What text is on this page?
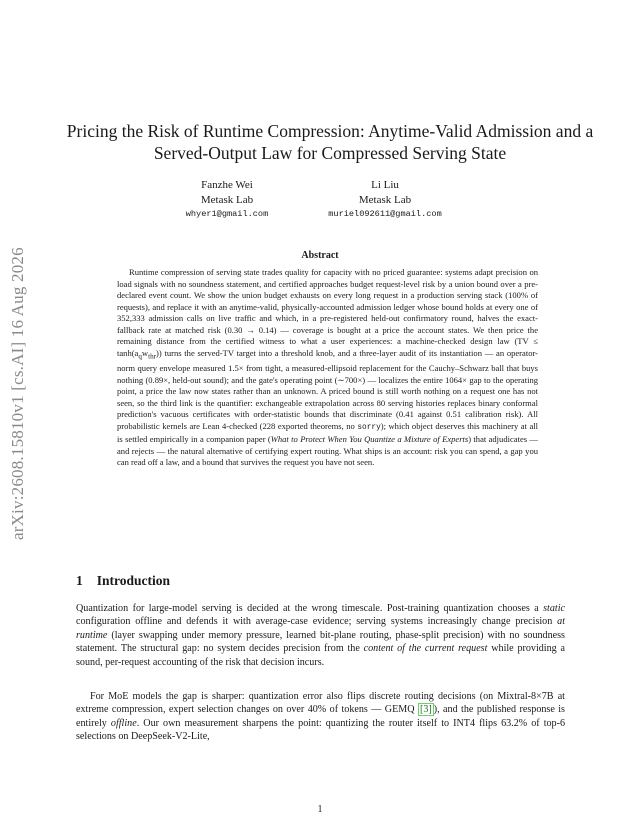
arXiv:2608.15810v1 [cs.AI] 16 Aug 2026
Pricing the Risk of Runtime Compression: Anytime-Valid Admission and a Served-Output Law for Compressed Serving State
Fanzhe Wei
Metask Lab
whyer1@gmail.com
Li Liu
Metask Lab
muriel092611@gmail.com
Abstract

Runtime compression of serving state trades quality for capacity with no priced guarantee: systems adapt precision on load signals with no soundness statement, and certified approaches budget request-level risk by a union bound over a pre-declared event count. We show the union budget exhausts on every long request in a production serving stack (100% of requests), and replace it with an anytime-valid, physically-accounted admission ledger whose bound holds at every one of 352,333 admission calls on live traffic and which, in a pre-registered held-out confirmatory round, halves the exact-fallback rate at matched risk (0.30 → 0.14) — coverage is bought at a price the account states. We then price the remaining distance from the certified witness to what a user experiences: a machine-checked design law $(TV \le \tanh(a_qw_{thr}))$ turns the served-TV target into a threshold knob, and a three-layer audit of its instantiation — an operator-norm query envelope measured 1.5× from tight, a measured-ellipsoid replacement for the Cauchy–Schwarz ball that buys nothing (0.89×, held-out sound); and the gate's operating point (∼700×) — localizes the entire 1064× gap to the operating point, a price the law now states rather than an unknown. A priced bound is still worth nothing on a request one has not seen, so the third link is the quantifier: exchangeable extrapolation across 80 serving histories replaces binary conformal prediction's vacuous certificates with order-statistic bounds that discriminate (0.41 against 0.51 calibration risk). All probabilistic kernels are Lean 4-checked (228 exported theorems, no sorry); which object deserves this machinery at all is settled empirically in a companion paper (What to Protect When You Quantize a Mixture of Experts) that adjudicates — and rejects — the natural alternative of certifying expert routing. What ships is an account: risk you can spend, a gap you can read off a law, and a bound that survives the request you have not seen.

1 Introduction

Quantization for large-model serving is decided at the wrong timescale. Post-training quantization chooses a static configuration offline and defends it with average-case evidence; serving systems increasingly change precision at runtime (layer swapping under memory pressure, learned bit-plane routing, phase-split precision) with no soundness statement. The structural gap: no system decides precision from the content of the current request while providing a sound, per-request accounting of the risk that decision incurs.

For MoE models the gap is sharper: quantization error also flips discrete routing decisions (on Mixtral-8×7B at extreme compression, expert selection changes on over 40% of tokens — GEMQ [3] ), and the published response is entirely offline. Our own measurement sharpens the point: quantizing the router itself to INT4 flips 63.2% of top-6 selections on DeepSeek-V2-Lite,

1
